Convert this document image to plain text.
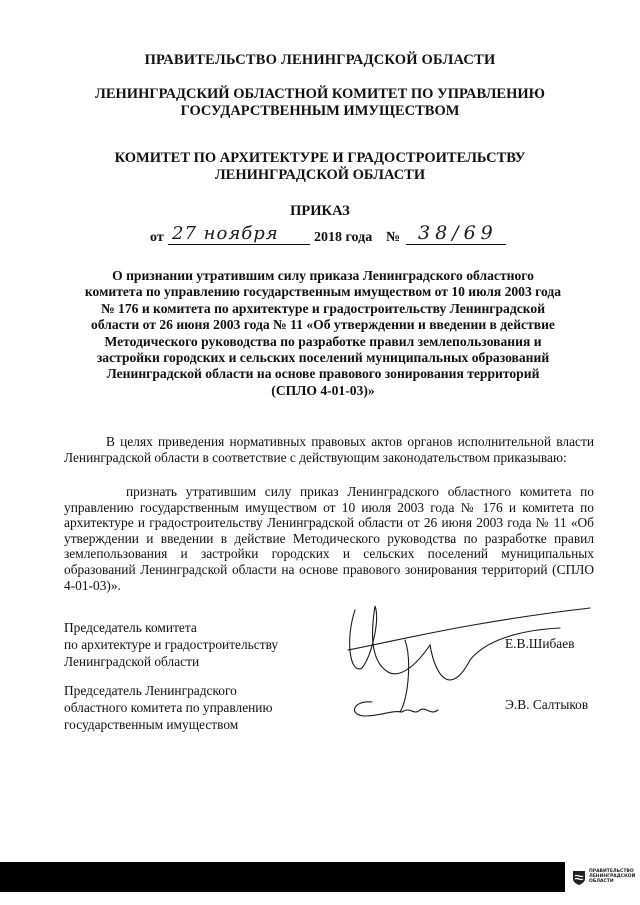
ПРАВИТЕЛЬСТВО ЛЕНИНГРАДСКОЙ ОБЛАСТИ
ЛЕНИНГРАДСКИЙ ОБЛАСТНОЙ КОМИТЕТ ПО УПРАВЛЕНИЮ
ГОСУДАРСТВЕННЫМ ИМУЩЕСТВОМ
КОМИТЕТ ПО АРХИТЕКТУРЕ И ГРАДОСТРОИТЕЛЬСТВУ
ЛЕНИНГРАДСКОЙ ОБЛАСТИ
ПРИКАЗ
от 27 ноября	2018 года № 38/69
О признании утратившим силу приказа Ленинградского областного
комитета по управлению государственным имуществом от 10 июля 2003 года
№ 176 и комитета по архитектуре и градостроительству Ленинградской
области от 26 июня 2003 года № 11 «Об утверждении и введении в действие
Методического руководства по разработке правил землепользования и
застройки городских и сельских поселений муниципальных образований
Ленинградской области на основе правового зонирования территорий
(СПЛО 4-01-03)»
В целях приведения нормативных правовых актов органов исполнительной власти Ленинградской области в соответствие с действующим законодательством приказываю:
признать утратившим силу приказ Ленинградского областного комитета по управлению государственным имуществом от 10 июля 2003 года № 176 и комитета по архитектуре и градостроительству Ленинградской области от 26 июня 2003 года № 11 «Об утверждении и введении в действие Методического руководства по разработке правил землепользования и застройки городских и сельских поселений муниципальных образований Ленинградской области на основе правового зонирования территорий (СПЛО 4-01-03)».
Председатель комитета
по архитектуре и градостроительству
Ленинградской области
Е.В.Шибаев
Председатель Ленинградского
областного комитета по управлению
государственным имуществом
Э.В. Салтыков
ПРАВИТЕЛЬСТВО
ЛЕНИНГРАДСКОЙ
ОБЛАСТИ
